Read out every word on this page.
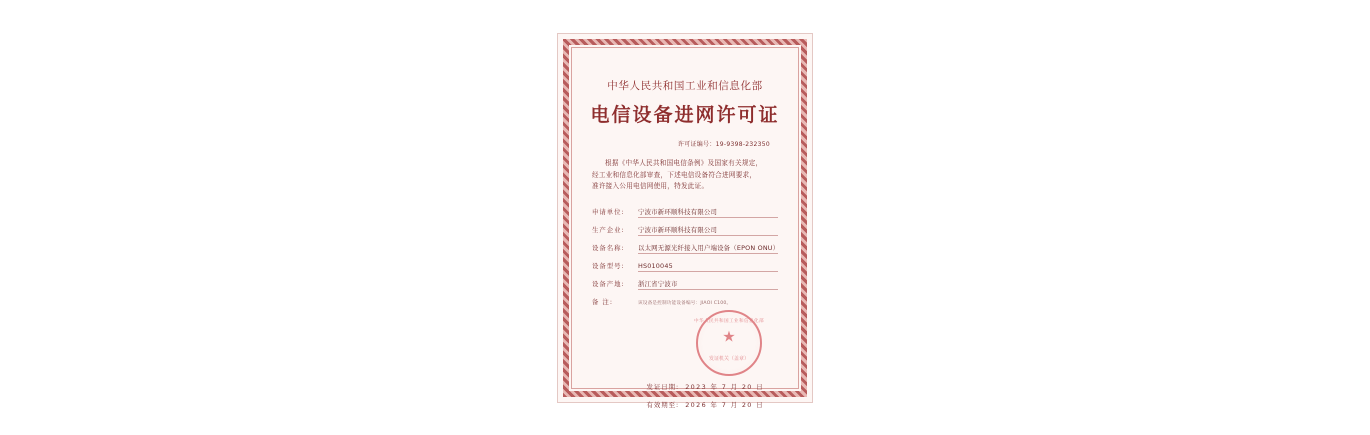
中华人民共和国工业和信息化部
电信设备进网许可证
许可证编号：19-9398-232350

根据《中华人民共和国电信条例》及国家有关规定，

经工业和信息化部审查，下述电信设备符合进网要求，

准许接入公用电信网使用，特发此证。

申请单位:	宁波市新环顺科技有限公司
生产企业:	宁波市新环顺科技有限公司
设备名称:	以太网无源光纤接入用户端设备（EPON ONU）
设备型号:	HS010045
设备产地:	浙江省宁波市
备 注:	该设备是控制功能设备编号：JIAOI C100。
中华人民共和国工业和信息化部
★
发证机关（盖章）
发证日期: 2023 年 7 月 20 日
有效期至: 2026 年 7 月 20 日
